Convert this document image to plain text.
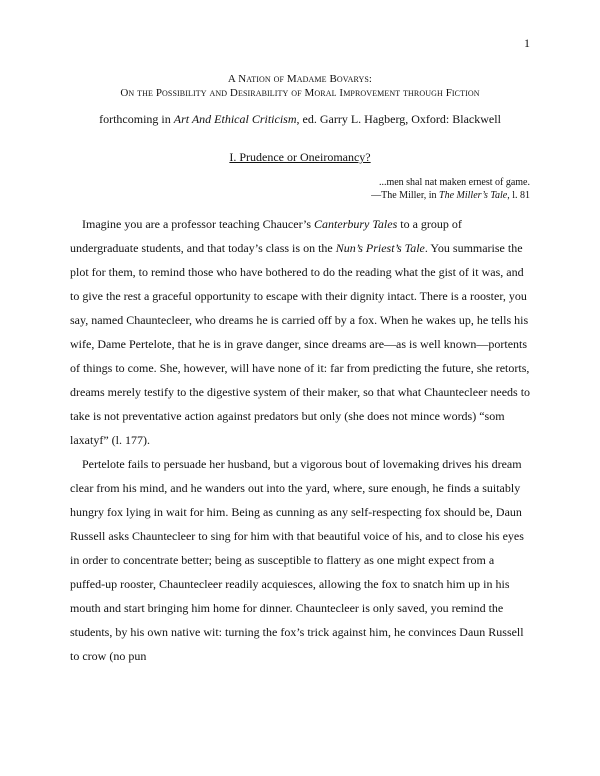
1
A Nation of Madame Bovarys:
On the Possibility and Desirability of Moral Improvement through Fiction
forthcoming in Art And Ethical Criticism, ed. Garry L. Hagberg, Oxford: Blackwell
I. Prudence or Oneiromancy?
...men shal nat maken ernest of game.
—The Miller, in The Miller’s Tale, l. 81

Imagine you are a professor teaching Chaucer’s Canterbury Tales to a group of undergraduate students, and that today’s class is on the Nun’s Priest’s Tale. You summarise the plot for them, to remind those who have bothered to do the reading what the gist of it was, and to give the rest a graceful opportunity to escape with their dignity intact. There is a rooster, you say, named Chauntecleer, who dreams he is carried off by a fox. When he wakes up, he tells his wife, Dame Pertelote, that he is in grave danger, since dreams are—as is well known—portents of things to come. She, however, will have none of it: far from predicting the future, she retorts, dreams merely testify to the digestive system of their maker, so that what Chauntecleer needs to take is not preventative action against predators but only (she does not mince words) “som laxatyf” (l. 177).

Pertelote fails to persuade her husband, but a vigorous bout of lovemaking drives his dream clear from his mind, and he wanders out into the yard, where, sure enough, he finds a suitably hungry fox lying in wait for him. Being as cunning as any self-respecting fox should be, Daun Russell asks Chauntecleer to sing for him with that beautiful voice of his, and to close his eyes in order to concentrate better; being as susceptible to flattery as one might expect from a puffed-up rooster, Chauntecleer readily acquiesces, allowing the fox to snatch him up in his mouth and start bringing him home for dinner. Chauntecleer is only saved, you remind the students, by his own native wit: turning the fox’s trick against him, he convinces Daun Russell to crow (no pun
